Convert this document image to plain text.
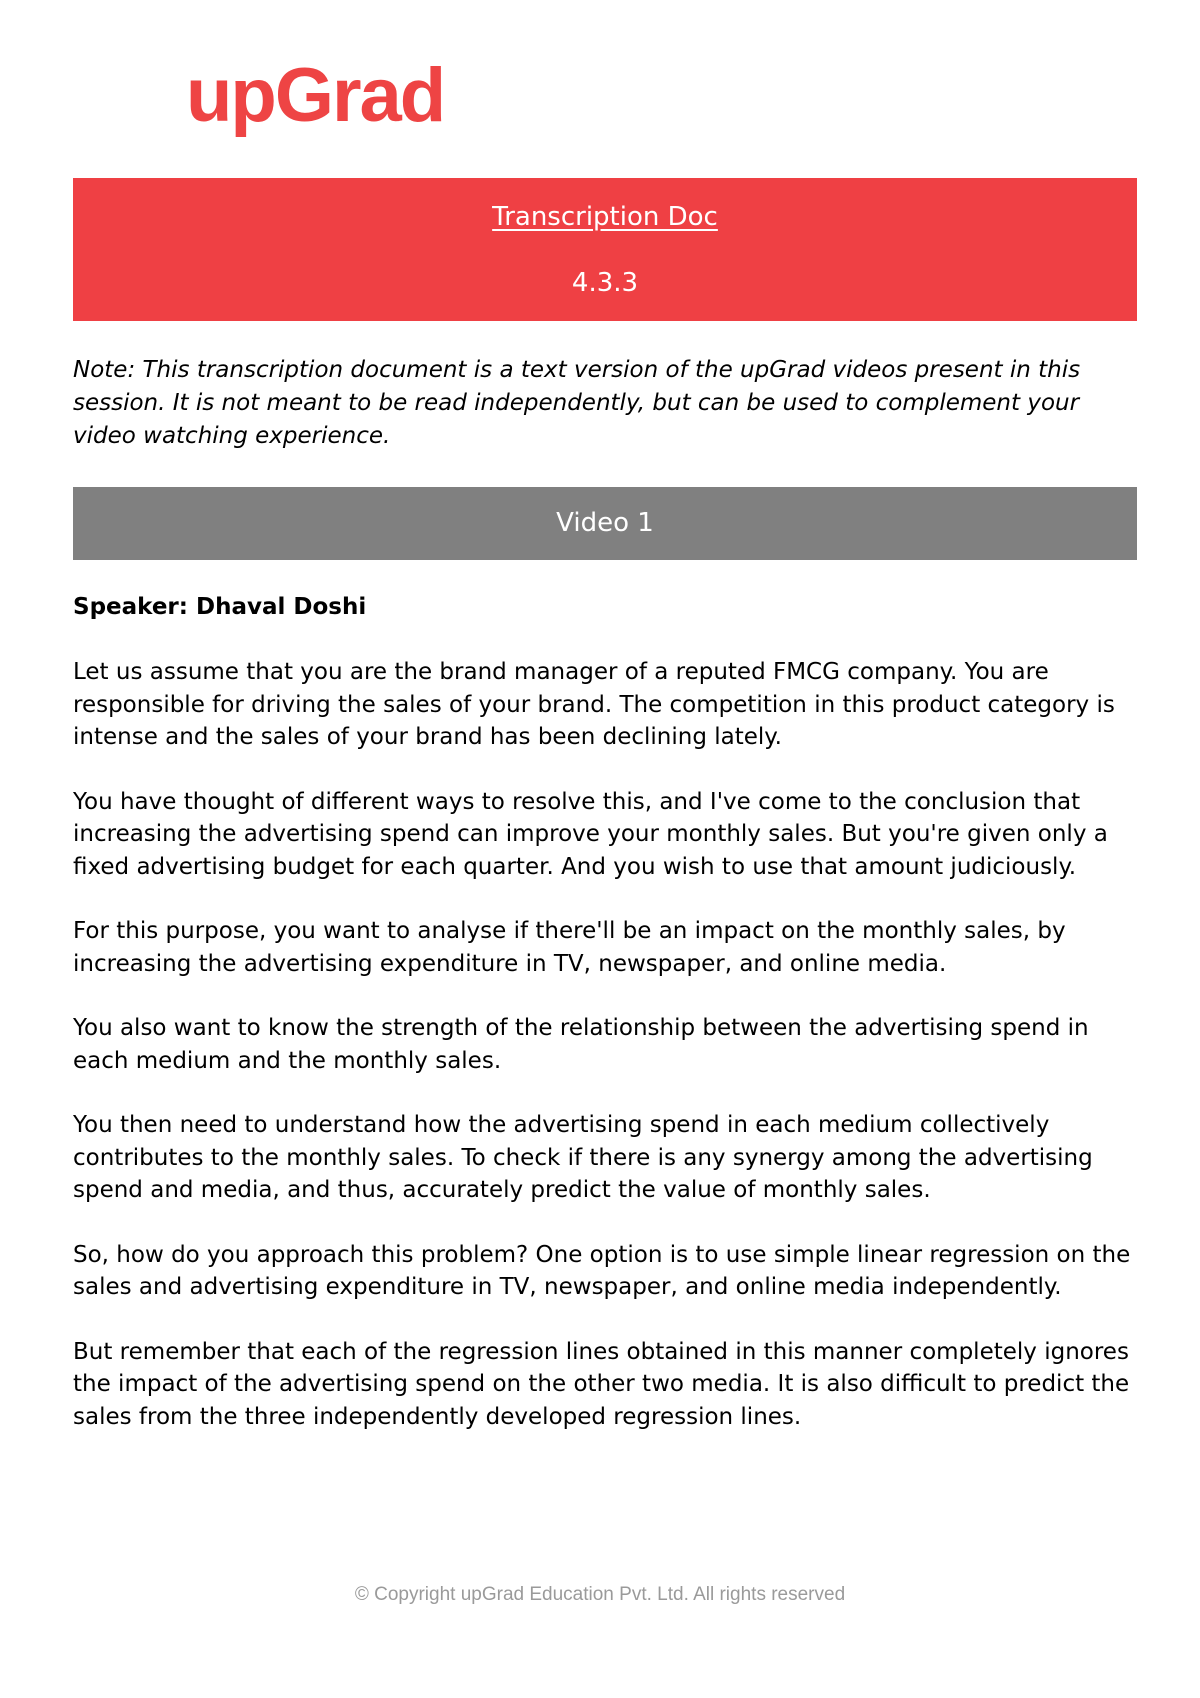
upGrad
Transcription Doc
4.3.3

Note: This transcription document is a text version of the upGrad videos present in this session. It is not meant to be read independently, but can be used to complement your video watching experience.

Video 1

Speaker: Dhaval Doshi

Let us assume that you are the brand manager of a reputed FMCG company. You are responsible for driving the sales of your brand. The competition in this product category is intense and the sales of your brand has been declining lately.

You have thought of different ways to resolve this, and I've come to the conclusion that increasing the advertising spend can improve your monthly sales. But you're given only a fixed advertising budget for each quarter. And you wish to use that amount judiciously.

For this purpose, you want to analyse if there'll be an impact on the monthly sales, by increasing the advertising expenditure in TV, newspaper, and online media.

You also want to know the strength of the relationship between the advertising spend in each medium and the monthly sales.

You then need to understand how the advertising spend in each medium collectively contributes to the monthly sales. To check if there is any synergy among the advertising spend and media, and thus, accurately predict the value of monthly sales.

So, how do you approach this problem? One option is to use simple linear regression on the sales and advertising expenditure in TV, newspaper, and online media independently.

But remember that each of the regression lines obtained in this manner completely ignores the impact of the advertising spend on the other two media. It is also difficult to predict the sales from the three independently developed regression lines.

© Copyright upGrad Education Pvt. Ltd. All rights reserved
